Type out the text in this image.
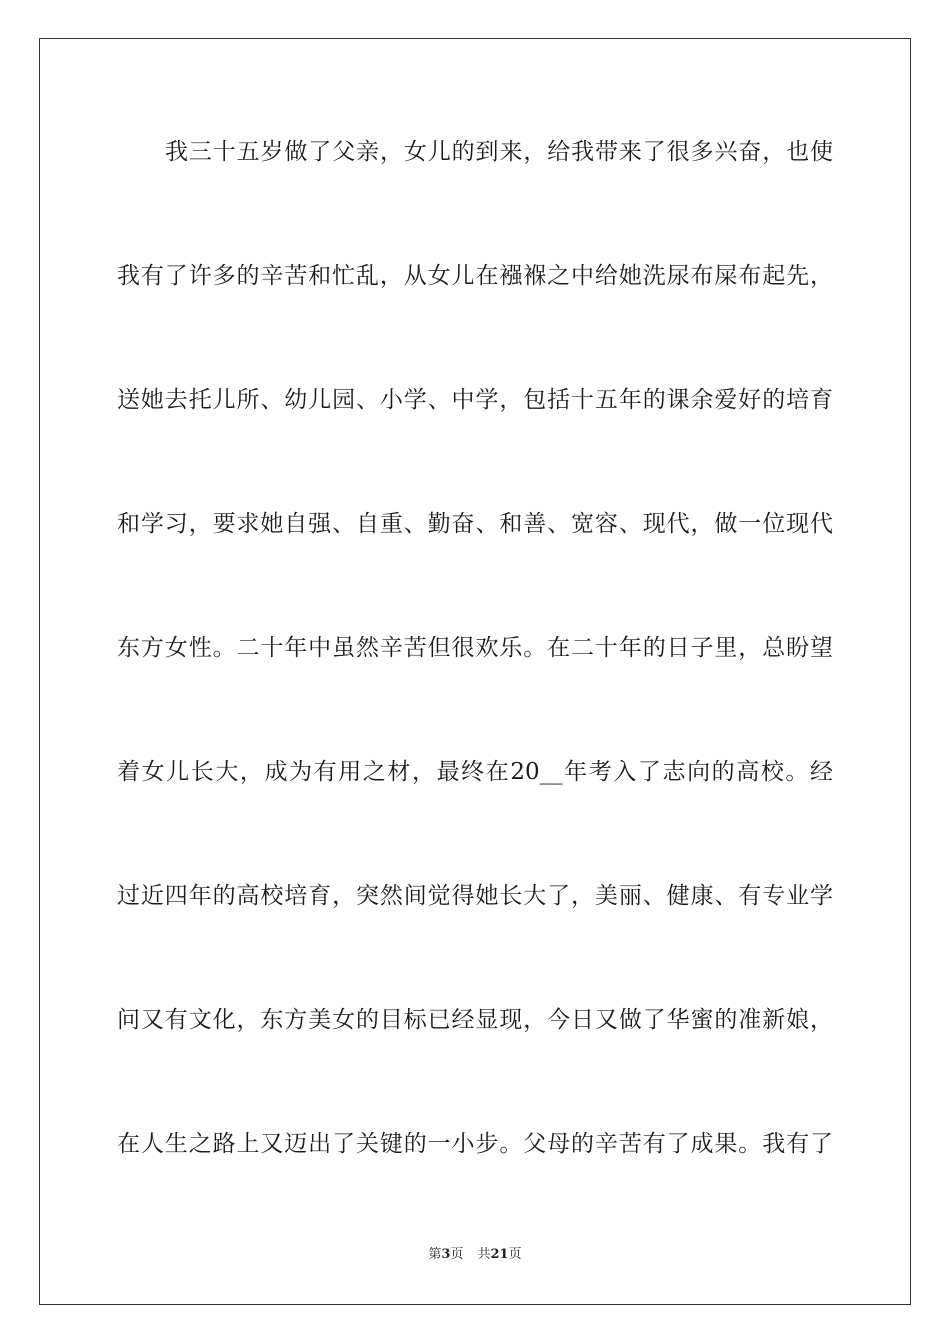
我三十五岁做了父亲，女儿的到来，给我带来了很多兴奋，也使
我有了许多的辛苦和忙乱，从女儿在襁褓之中给她洗尿布屎布起先，
送她去托儿所、幼儿园、小学、中学，包括十五年的课余爱好的培育
和学习，要求她自强、自重、勤奋、和善、宽容、现代，做一位现代
东方女性。二十年中虽然辛苦但很欢乐。在二十年的日子里，总盼望
着女儿长大，成为有用之材，最终在20__年考入了志向的高校。经
过近四年的高校培育，突然间觉得她长大了，美丽、健康、有专业学
问又有文化，东方美女的目标已经显现，今日又做了华蜜的准新娘，
在人生之路上又迈出了关键的一小步。父母的辛苦有了成果。我有了
第3页 共21页
